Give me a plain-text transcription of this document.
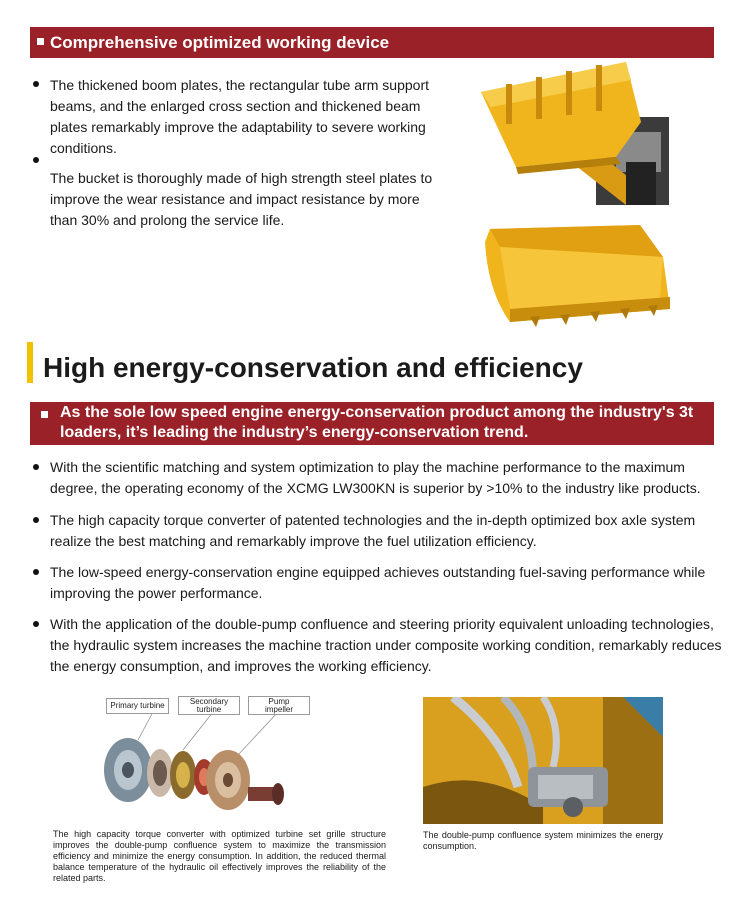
Comprehensive optimized working device
The thickened boom plates, the rectangular tube arm support
beams, and the enlarged cross section and thickened beam
plates remarkably improve the adaptability to severe working
conditions.
The bucket is thoroughly made of high strength steel plates to
improve the wear resistance and impact resistance by more
than 30% and prolong the service life.
High energy-conservation and efficiency
As the sole low speed engine energy-conservation product among the industry's 3t
loaders, it’s leading the industry’s energy-conservation trend.
With the scientific matching and system optimization to play the machine performance to the maximum
degree, the operating economy of the XCMG LW300KN is superior by >10% to the industry like products.
The high capacity torque converter of patented technologies and the in-depth optimized box axle system
realize the best matching and remarkably improve the fuel utilization efficiency.
The low-speed energy-conservation engine equipped achieves outstanding fuel-saving performance while
improving the power performance.
With the application of the double-pump confluence and steering priority equivalent unloading technologies,
the hydraulic system increases the machine traction under composite working condition, remarkably reduces
the energy consumption, and improves the working efficiency.
Primary turbine	Secondary
turbine
Pump
impeller
The high capacity torque converter with optimized turbine set grille structure improves the double-pump confluence system to maximize the transmission efficiency and minimize the energy consumption. In addition, the reduced thermal balance temperature of the hydraulic oil effectively improves the reliability of the related parts.
The double-pump confluence system minimizes the energy consumption.
